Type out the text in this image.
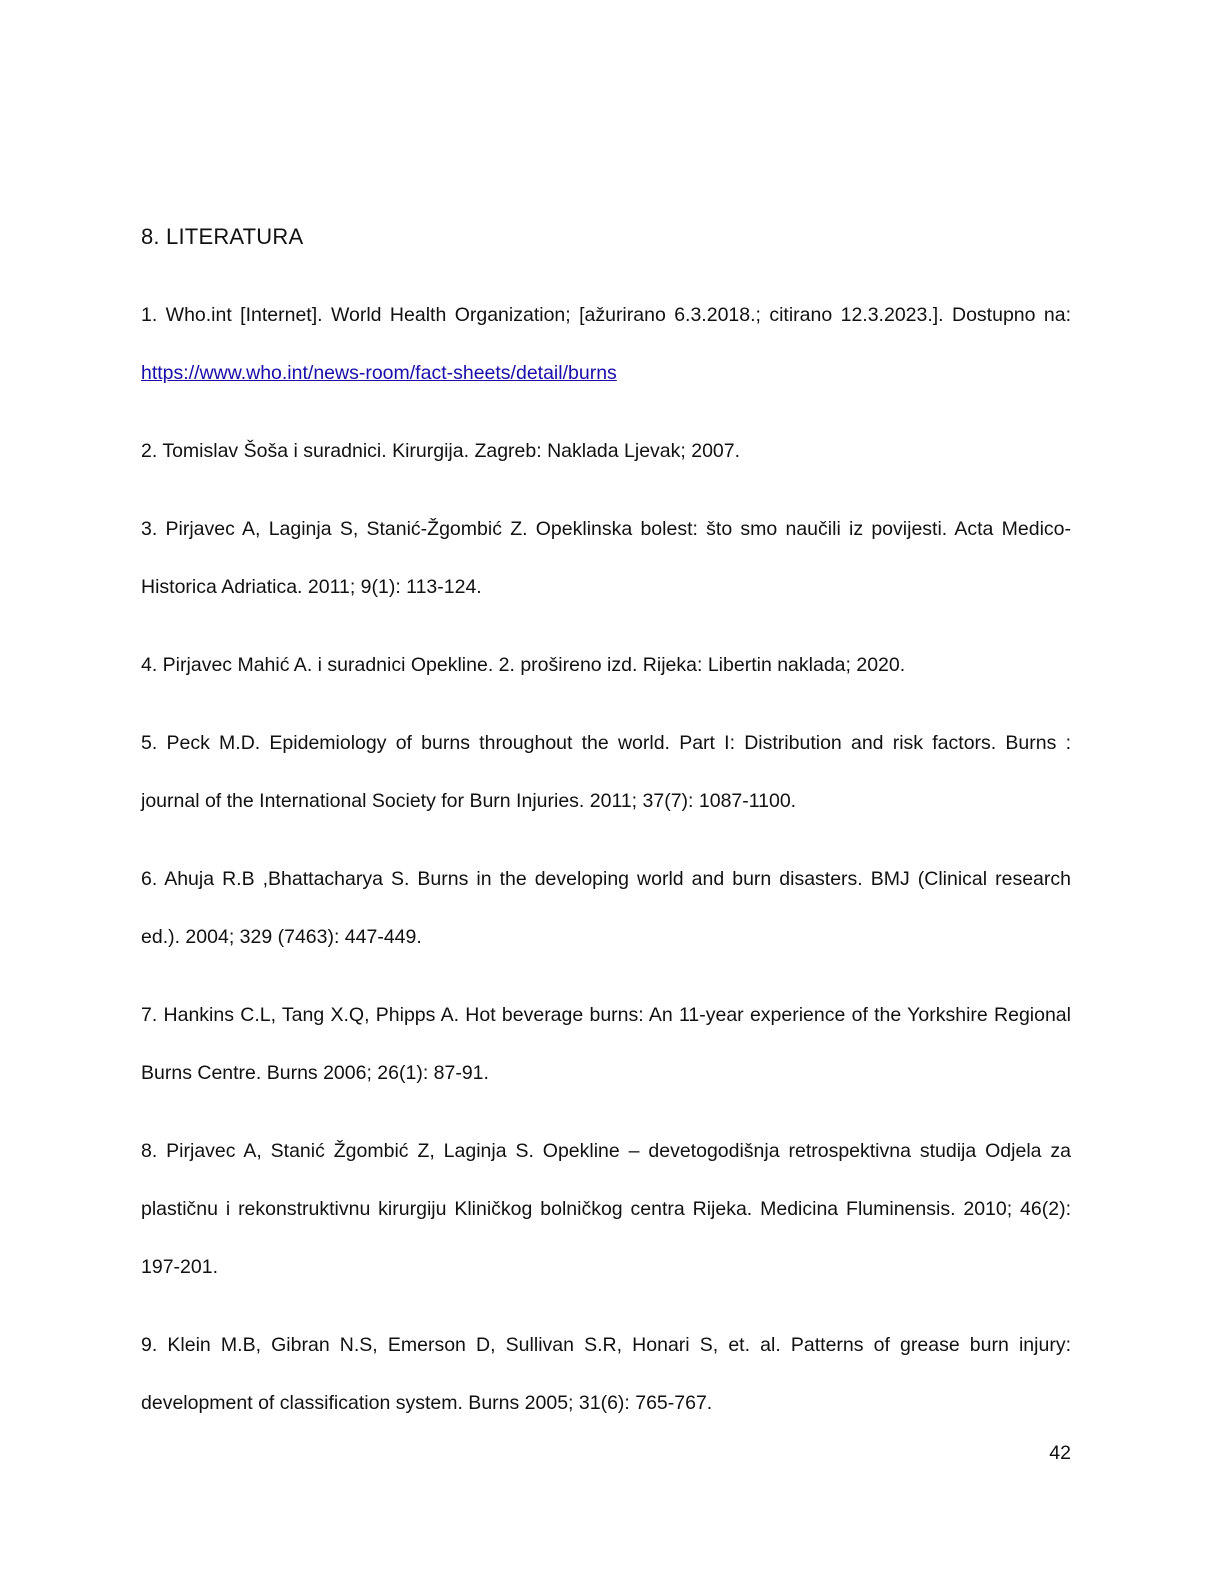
8. LITERATURA

1. Who.int [Internet]. World Health Organization; [ažurirano 6.3.2018.; citirano 12.3.2023.]. Dostupno na: https://www.who.int/news-room/fact-sheets/detail/burns

2. Tomislav Šoša i suradnici. Kirurgija. Zagreb: Naklada Ljevak; 2007.

3. Pirjavec A, Laginja S, Stanić-Žgombić Z. Opeklinska bolest: što smo naučili iz povijesti. Acta Medico-Historica Adriatica. 2011; 9(1): 113-124.

4. Pirjavec Mahić A. i suradnici Opekline. 2. prošireno izd. Rijeka: Libertin naklada; 2020.

5. Peck M.D. Epidemiology of burns throughout the world. Part I: Distribution and risk factors. Burns : journal of the International Society for Burn Injuries. 2011; 37(7): 1087-1100.

6. Ahuja R.B ,Bhattacharya S. Burns in the developing world and burn disasters. BMJ (Clinical research ed.). 2004; 329 (7463): 447-449.

7. Hankins C.L, Tang X.Q, Phipps A. Hot beverage burns: An 11-year experience of the Yorkshire Regional Burns Centre. Burns 2006; 26(1): 87-91.

8. Pirjavec A, Stanić Žgombić Z, Laginja S. Opekline – devetogodišnja retrospektivna studija Odjela za plastičnu i rekonstruktivnu kirurgiju Kliničkog bolničkog centra Rijeka. Medicina Fluminensis. 2010; 46(2): 197-201.

9. Klein M.B, Gibran N.S, Emerson D, Sullivan S.R, Honari S, et. al. Patterns of grease burn injury: development of classification system. Burns 2005; 31(6): 765-767.

42
